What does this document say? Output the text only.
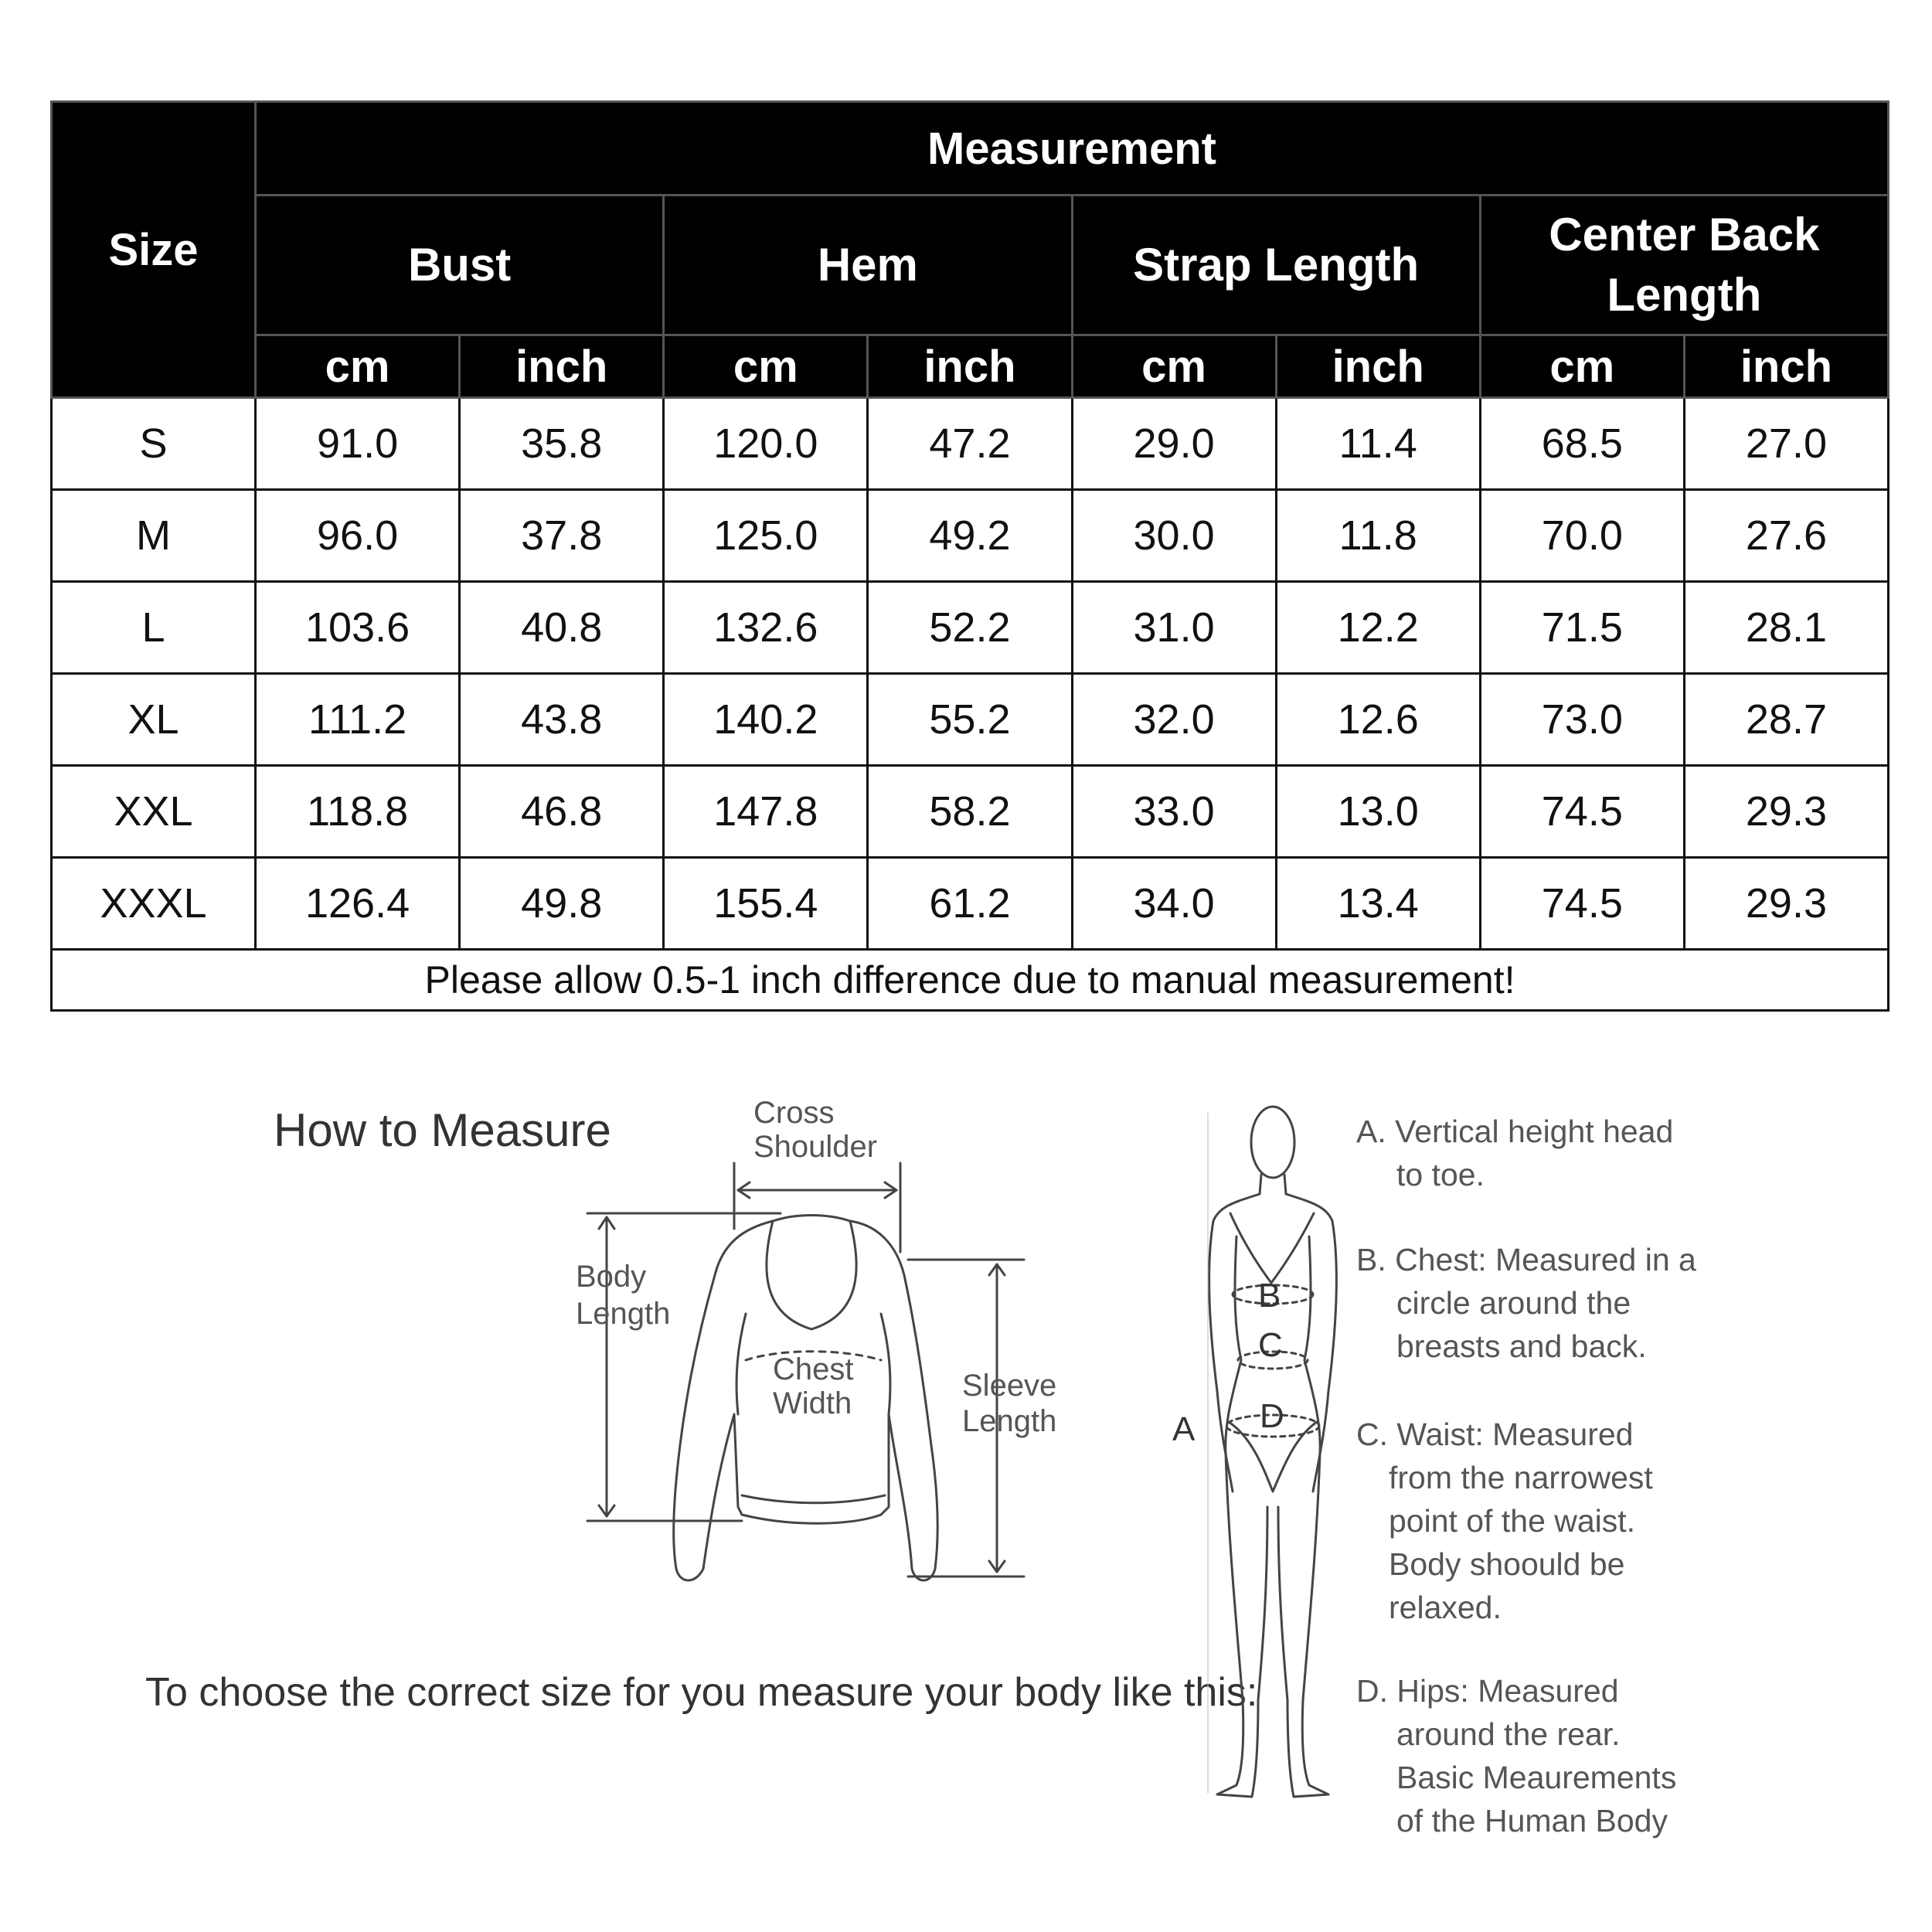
Size	Measurement							
	Bust		Hem		Strap Length		Center Back Length	
	cm	inch	cm	inch	cm	inch	cm	inch
S	91.0	35.8	120.0	47.2	29.0	11.4	68.5	27.0
M	96.0	37.8	125.0	49.2	30.0	11.8	70.0	27.6
L	103.6	40.8	132.6	52.2	31.0	12.2	71.5	28.1
XL	111.2	43.8	140.2	55.2	32.0	12.6	73.0	28.7
XXL	118.8	46.8	147.8	58.2	33.0	13.0	74.5	29.3
XXXL	126.4	49.8	155.4	61.2	34.0	13.4	74.5	29.3
Please allow 0.5-1 inch difference due to manual measurement!								
How to Measure	Cross
Shoulder
Body
Length
Chest
Width
Sleeve
Length
To choose the correct size for you measure your body like this:
A
B
C
D
A. Vertical height head
to toe.
B. Chest: Measured in a
circle around the
breasts and back.
C. Waist: Measured
from the narrowest
point of the waist.
Body shoould be
relaxed.
D. Hips: Measured
around the rear.
Basic Meaurements
of the Human Body
